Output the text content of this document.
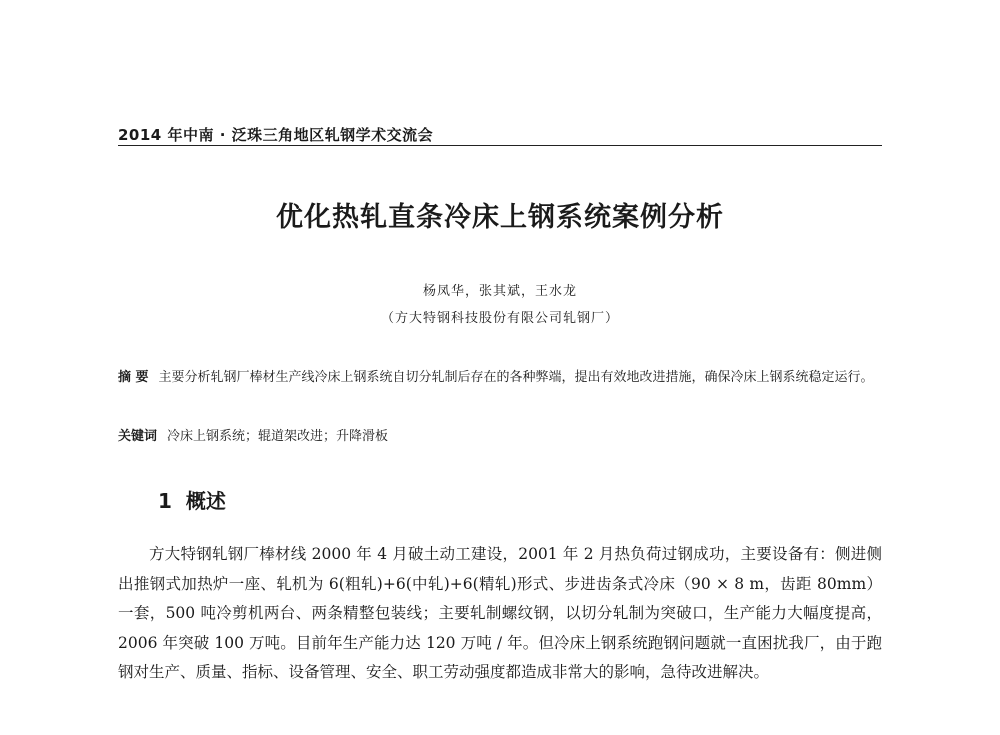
2014 年中南 · 泛珠三角地区轧钢学术交流会
优化热轧直条冷床上钢系统案例分析
杨凤华，张其斌，王水龙
（方大特钢科技股份有限公司轧钢厂）
摘 要 主要分析轧钢厂棒材生产线冷床上钢系统自切分轧制后存在的各种弊端，提出有效地改进措施，确保冷床上钢系统稳定运行。
关键词 冷床上钢系统；辊道架改进；升降滑板
1 概述
方大特钢轧钢厂棒材线 2000 年 4 月破土动工建设，2001 年 2 月热负荷过钢成功，主要设备有：侧进侧出推钢式加热炉一座、轧机为 6(粗轧)+6(中轧)+6(精轧)形式、步进齿条式冷床（90 × 8 m，齿距 80mm）一套，500 吨冷剪机两台、两条精整包装线；主要轧制螺纹钢，以切分轧制为突破口，生产能力大幅度提高，2006 年突破 100 万吨。目前年生产能力达 120 万吨 / 年。但冷床上钢系统跑钢问题就一直困扰我厂，由于跑钢对生产、质量、指标、设备管理、安全、职工劳动强度都造成非常大的影响，急待改进解决。
